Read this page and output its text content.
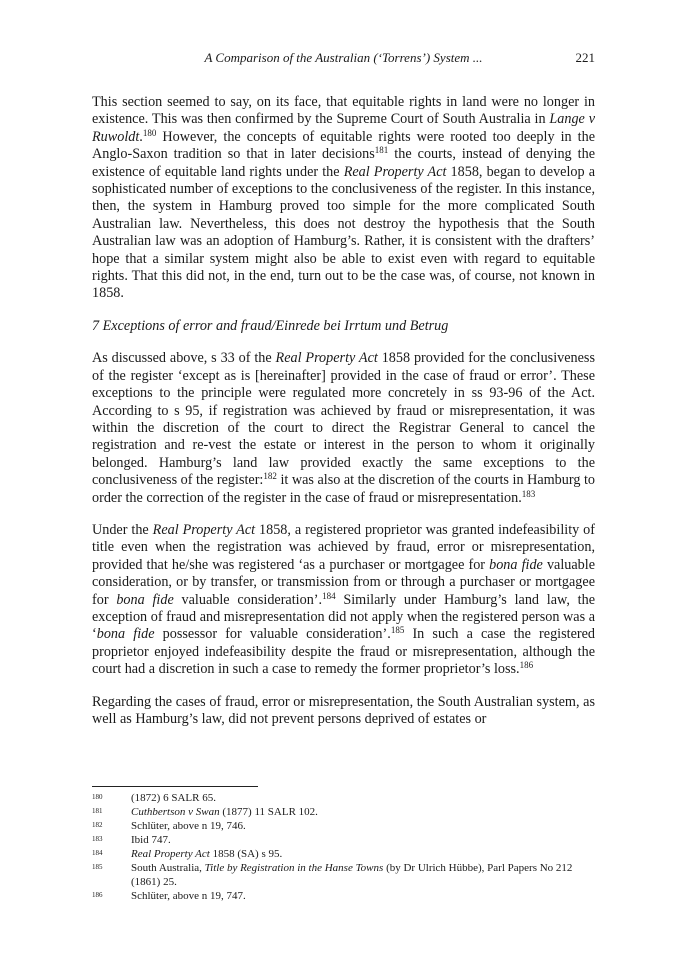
A Comparison of the Australian (‘Torrens’) System ...	221

This section seemed to say, on its face, that equitable rights in land were no longer in existence. This was then confirmed by the Supreme Court of South Australia in Lange v Ruwoldt.$^{180}$ However, the concepts of equitable rights were rooted too deeply in the Anglo-Saxon tradition so that in later decisions$^{181}$ the courts, instead of denying the existence of equitable land rights under the Real Property Act 1858, began to develop a sophisticated number of exceptions to the conclusiveness of the register. In this instance, then, the system in Hamburg proved too simple for the more complicated South Australian law. Nevertheless, this does not destroy the hypothesis that the South Australian law was an adoption of Hamburg’s. Rather, it is consistent with the drafters’ hope that a similar system might also be able to exist even with regard to equitable rights. That this did not, in the end, turn out to be the case was, of course, not known in 1858.

7 Exceptions of error and fraud/Einrede bei Irrtum und Betrug

As discussed above, s 33 of the Real Property Act 1858 provided for the conclusiveness of the register ‘except as is [hereinafter] provided in the case of fraud or error’. These exceptions to the principle were regulated more concretely in ss 93-96 of the Act. According to s 95, if registration was achieved by fraud or misrepresentation, it was within the discretion of the court to direct the Registrar General to cancel the registration and re-vest the estate or interest in the person to whom it originally belonged. Hamburg’s land law provided exactly the same exceptions to the conclusiveness of the register:$^{182}$ it was also at the discretion of the courts in Hamburg to order the correction of the register in the case of fraud or misrepresentation.$^{183}$

Under the Real Property Act 1858, a registered proprietor was granted indefeasibility of title even when the registration was achieved by fraud, error or misrepresentation, provided that he/she was registered ‘as a purchaser or mortgagee for bona fide valuable consideration, or by transfer, or transmission from or through a purchaser or mortgagee for bona fide valuable consideration’.$^{184}$ Similarly under Hamburg’s land law, the exception of fraud and misrepresentation did not apply when the registered person was a ‘bona fide possessor for valuable consideration’.$^{185}$ In such a case the registered proprietor enjoyed indefeasibility despite the fraud or misrepresentation, although the court had a discretion in such a case to remedy the former proprietor’s loss.$^{186}$

Regarding the cases of fraud, error or misrepresentation, the South Australian system, as well as Hamburg’s law, did not prevent persons deprived of estates or

180	(1872) 6 SALR 65.
181	Cuthbertson v Swan (1877) 11 SALR 102.
182	Schlüter, above n 19, 746.
183	Ibid 747.
184	Real Property Act 1858 (SA) s 95.
185	South Australia, Title by Registration in the Hanse Towns (by Dr Ulrich Hübbe), Parl Papers No 212 (1861) 25.
186	Schlüter, above n 19, 747.
